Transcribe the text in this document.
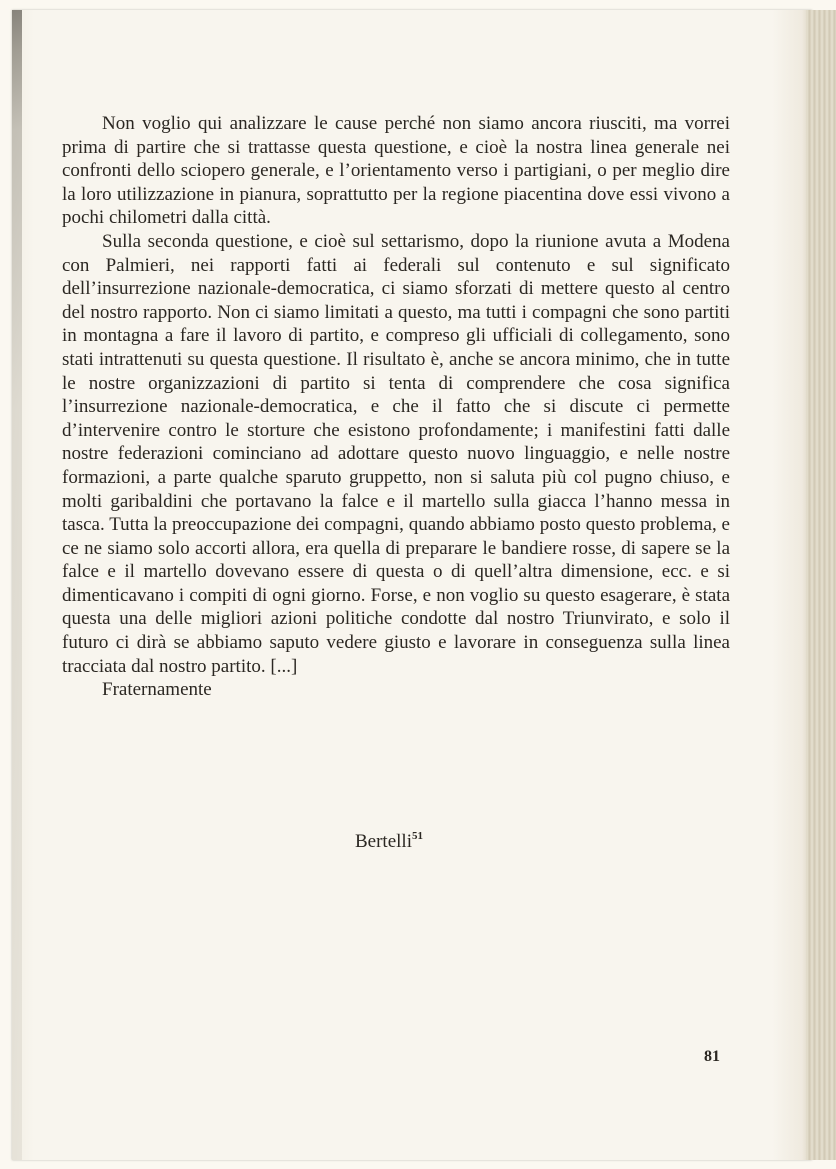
Non voglio qui analizzare le cause perché non siamo ancora riusciti, ma vorrei prima di partire che si trattasse questa questione, e cioè la nostra linea generale nei confronti dello sciopero generale, e l’orientamento verso i partigiani, o per meglio dire la loro utilizzazione in pianura, soprattutto per la regione piacentina dove essi vivono a pochi chilometri dalla città.

Sulla seconda questione, e cioè sul settarismo, dopo la riunione avuta a Modena con Palmieri, nei rapporti fatti ai federali sul contenuto e sul significato dell’insurrezione nazionale-democratica, ci siamo sforzati di mettere questo al centro del nostro rapporto. Non ci siamo limitati a questo, ma tutti i compagni che sono partiti in montagna a fare il lavoro di partito, e compreso gli ufficiali di collegamento, sono stati intrattenuti su questa questione. Il risultato è, anche se ancora minimo, che in tutte le nostre organizzazioni di partito si tenta di comprendere che cosa significa l’insurrezione nazionale-democratica, e che il fatto che si discute ci permette d’intervenire contro le storture che esistono profondamente; i manifestini fatti dalle nostre federazioni cominciano ad adottare questo nuovo linguaggio, e nelle nostre formazioni, a parte qualche sparuto gruppetto, non si saluta più col pugno chiuso, e molti garibaldini che portavano la falce e il martello sulla giacca l’hanno messa in tasca. Tutta la preoccupazione dei compagni, quando abbiamo posto questo problema, e ce ne siamo solo accorti allora, era quella di preparare le bandiere rosse, di sapere se la falce e il martello dovevano essere di questa o di quell’altra dimensione, ecc. e si dimenticavano i compiti di ogni giorno. Forse, e non voglio su questo esagerare, è stata questa una delle migliori azioni politiche condotte dal nostro Triunvirato, e solo il futuro ci dirà se abbiamo saputo vedere giusto e lavorare in conseguenza sulla linea tracciata dal nostro partito. [...]

Fraternamente

Bertelli$^{51}$
81
